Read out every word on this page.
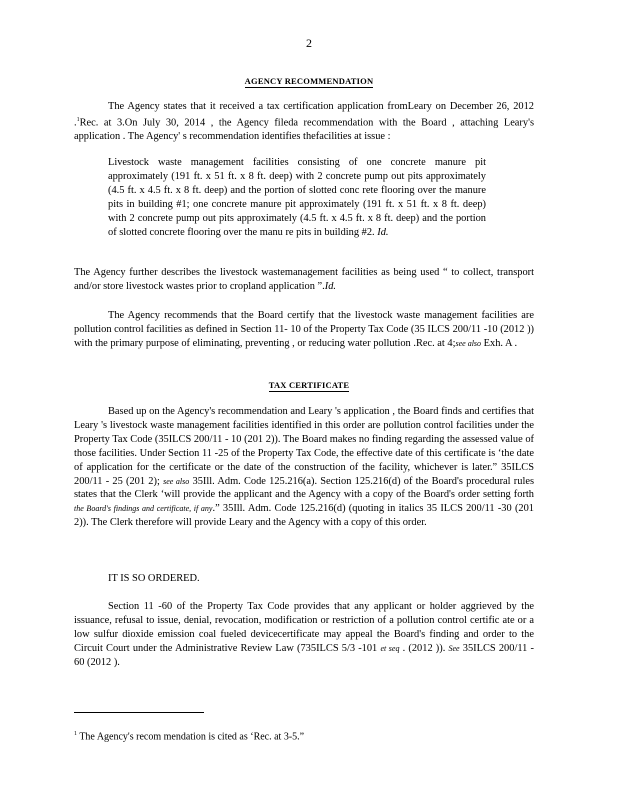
2
AGENCY RECOMMENDATION
The Agency states that it received a tax certification application fromLeary on December 26, 2012 .$^1$Rec. at 3.On July 30, 2014 , the Agency fileda recommendation with the Board , attaching Leary's application . The Agency' s recommendation identifies thefacilities at issue :
Livestock waste management facilities consisting of one concrete manure pit approximately (191 ft. x 51 ft. x 8 ft. deep) with 2 concrete pump out pits approximately (4.5 ft. x 4.5 ft. x 8 ft. deep) and the portion of slotted conc rete flooring over the manure pits in building #1; one concrete manure pit approximately (191 ft. x 51 ft. x 8 ft. deep) with 2 concrete pump out pits approximately (4.5 ft. x 4.5 ft. x 8 ft. deep) and the portion of slotted concrete flooring over the manu re pits in building #2. Id.
The Agency further describes the livestock wastemanagement facilities as being used “ to collect, transport and/or store livestock wastes prior to cropland application ”.Id.
The Agency recommends that the Board certify that the livestock waste management facilities are pollution control facilities as defined in Section 11- 10 of the Property Tax Code (35 ILCS 200/11 -10 (2012 )) with the primary purpose of eliminating, preventing , or reducing water pollution .Rec. at 4;see also Exh. A .
TAX CERTIFICATE
Based up on the Agency's recommendation and Leary 's application , the Board finds and certifies that Leary 's livestock waste management facilities identified in this order are pollution control facilities under the Property Tax Code (35ILCS 200/11 - 10 (201 2)). The Board makes no finding regarding the assessed value of those facilities. Under Section 11 -25 of the Property Tax Code, the effective date of this certificate is ‘the date of application for the certificate or the date of the construction of the facility, whichever is later.” 35ILCS 200/11 - 25 (201 2); see also 35Ill. Adm. Code 125.216(a). Section 125.216(d) of the Board's procedural rules states that the Clerk ‘will provide the applicant and the Agency with a copy of the Board's order setting forth the Board's findings and certificate, if any.” 35Ill. Adm. Code 125.216(d) (quoting in italics 35 ILCS 200/11 -30 (201 2)). The Clerk therefore will provide Leary and the Agency with a copy of this order.
IT IS SO ORDERED.
Section 11 -60 of the Property Tax Code provides that any applicant or holder aggrieved by the issuance, refusal to issue, denial, revocation, modification or restriction of a pollution control certific ate or a low sulfur dioxide emission coal fueled devicecertificate may appeal the Board's finding and order to the Circuit Court under the Administrative Review Law (735ILCS 5/3 -101 et seq . (2012 )). See 35ILCS 200/11 - 60 (2012 ).
$^1$ The Agency's recom mendation is cited as ‘Rec. at 3-5.”
